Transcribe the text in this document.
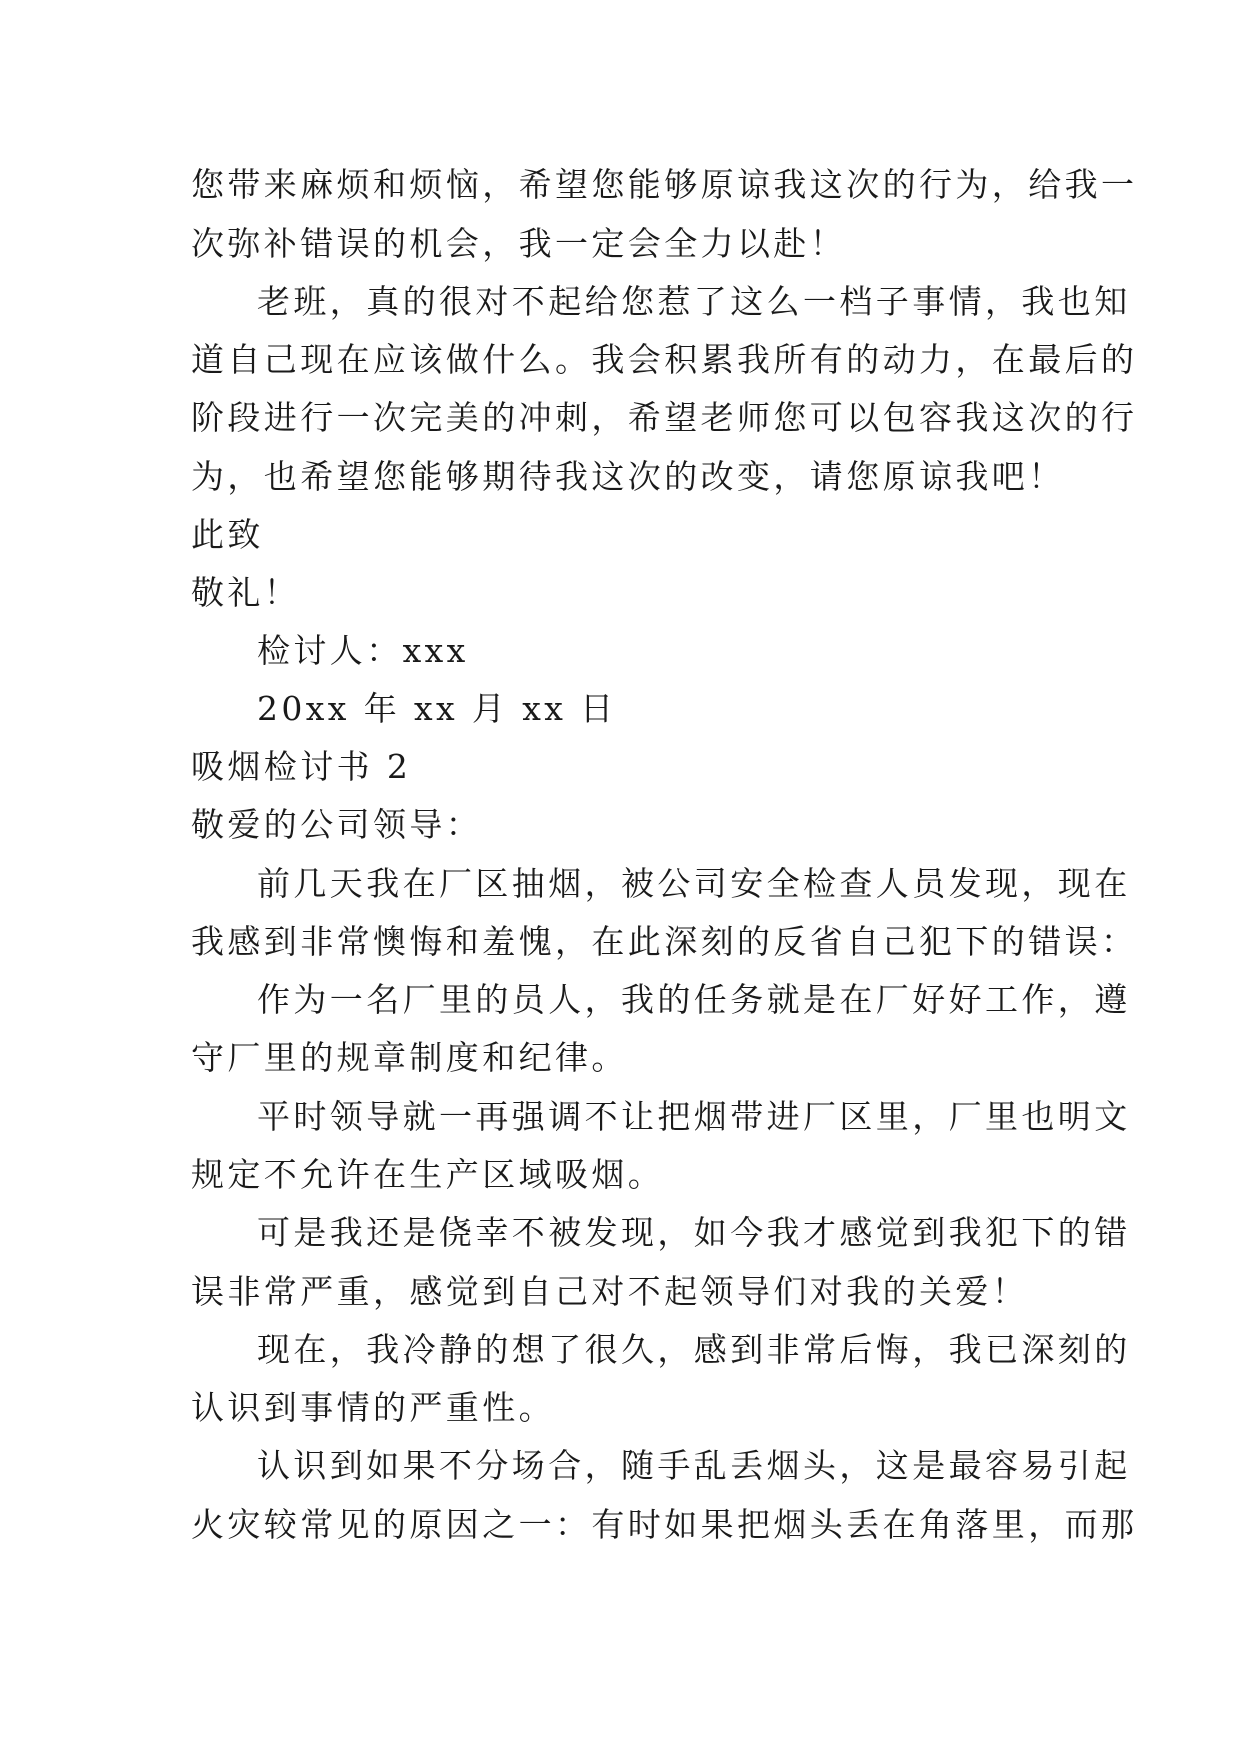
您带来麻烦和烦恼，希望您能够原谅我这次的行为，给我一
次弥补错误的机会，我一定会全力以赴！
老班，真的很对不起给您惹了这么一档子事情，我也知
道自己现在应该做什么。我会积累我所有的动力，在最后的
阶段进行一次完美的冲刺，希望老师您可以包容我这次的行
为，也希望您能够期待我这次的改变，请您原谅我吧！
此致
敬礼！
检讨人：xxx
20xx 年 xx 月 xx 日
吸烟检讨书 2
敬爱的公司领导：
前几天我在厂区抽烟，被公司安全检查人员发现，现在
我感到非常懊悔和羞愧，在此深刻的反省自己犯下的错误：
作为一名厂里的员人，我的任务就是在厂好好工作，遵
守厂里的规章制度和纪律。
平时领导就一再强调不让把烟带进厂区里，厂里也明文
规定不允许在生产区域吸烟。
可是我还是侥幸不被发现，如今我才感觉到我犯下的错
误非常严重，感觉到自己对不起领导们对我的关爱！
现在，我冷静的想了很久，感到非常后悔，我已深刻的
认识到事情的严重性。
认识到如果不分场合，随手乱丢烟头，这是最容易引起
火灾较常见的原因之一：有时如果把烟头丢在角落里，而那
